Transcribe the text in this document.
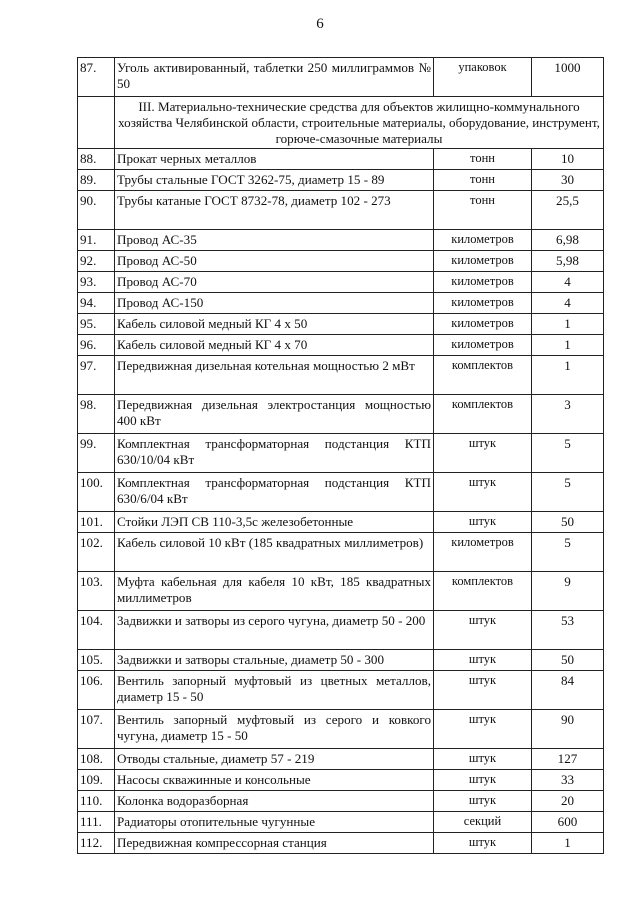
6
87.	Уголь активированный, таблетки 250 миллиграммов № 50	упаковок	1000
	III. Материально-технические средства для объектов жилищно-коммунального хозяйства Челябинской области, строительные материалы, оборудование, инструмент, горюче-смазочные материалы		
88.	Прокат черных металлов	тонн	10
89.	Трубы стальные ГОСТ 3262-75, диаметр 15 - 89	тонн	30
90.	Трубы катаные ГОСТ 8732-78, диаметр 102 - 273	тонн	25,5
91.	Провод АС-35	километров	6,98
92.	Провод АС-50	километров	5,98
93.	Провод АС-70	километров	4
94.	Провод АС-150	километров	4
95.	Кабель силовой медный КГ 4 x 50	километров	1
96.	Кабель силовой медный КГ 4 x 70	километров	1
97.	Передвижная дизельная котельная мощностью 2 мВт	комплектов	1
98.	Передвижная дизельная электростанция мощностью 400 кВт	комплектов	3
99.	Комплектная трансформаторная подстанция КТП 630/10/04 кВт	штук	5
100.	Комплектная трансформаторная подстанция КТП 630/6/04 кВт	штук	5
101.	Стойки ЛЭП СВ 110-3,5с железобетонные	штук	50
102.	Кабель силовой 10 кВт (185 квадратных миллиметров)	километров	5
103.	Муфта кабельная для кабеля 10 кВт, 185 квадратных миллиметров	комплектов	9
104.	Задвижки и затворы из серого чугуна, диаметр 50 - 200	штук	53
105.	Задвижки и затворы стальные, диаметр 50 - 300	штук	50
106.	Вентиль запорный муфтовый из цветных металлов, диаметр 15 - 50	штук	84
107.	Вентиль запорный муфтовый из серого и ковкого чугуна, диаметр 15 - 50	штук	90
108.	Отводы стальные, диаметр 57 - 219	штук	127
109.	Насосы скважинные и консольные	штук	33
110.	Колонка водоразборная	штук	20
111.	Радиаторы отопительные чугунные	секций	600
112.	Передвижная компрессорная станция	штук	1
